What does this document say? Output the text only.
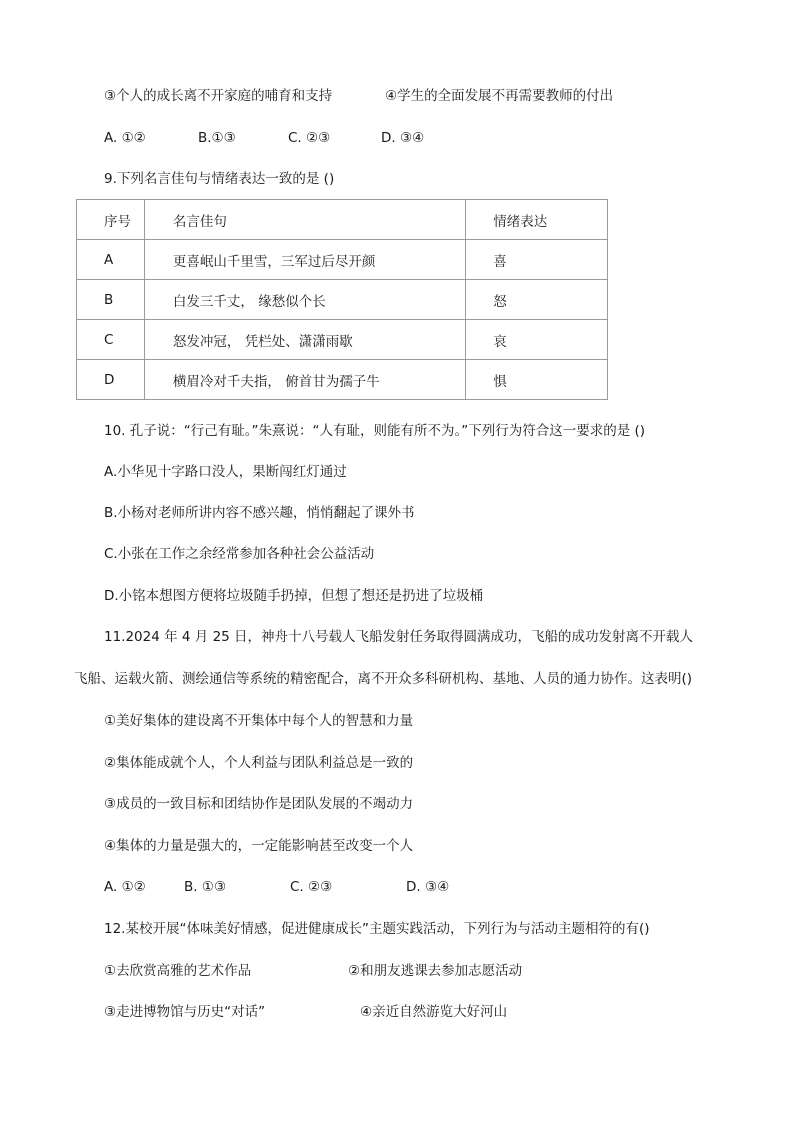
③个人的成长离不开家庭的哺育和支持	④学生的全面发展不再需要教师的付出
A. ①②	B.①③	C. ②③	D. ③④
9.下列名言佳句与情绪表达一致的是 ()
序号	名言佳句	情绪表达
A	更喜岷山千里雪，三军过后尽开颜	喜
B	白发三千丈， 缘愁似个长	怒
C	怒发冲冠， 凭栏处、潇潇雨歇	哀
D	横眉冷对千夫指， 俯首甘为孺子牛	惧
10. 孔子说：“行己有耻。”朱熹说：“人有耻，则能有所不为。”下列行为符合这一要求的是 ()
A.小华见十字路口没人，果断闯红灯通过
B.小杨对老师所讲内容不感兴趣，悄悄翻起了课外书
C.小张在工作之余经常参加各种社会公益活动
D.小铭本想图方便将垃圾随手扔掉，但想了想还是扔进了垃圾桶
11.2024 年 4 月 25 日，神舟十八号载人飞船发射任务取得圆满成功，飞船的成功发射离不开载人
飞船、运载火箭、测绘通信等系统的精密配合，离不开众多科研机构、基地、人员的通力协作。这表明()
①美好集体的建设离不开集体中每个人的智慧和力量
②集体能成就个人，个人利益与团队利益总是一致的
③成员的一致目标和团结协作是团队发展的不竭动力
④集体的力量是强大的，一定能影响甚至改变一个人
A. ①②	B. ①③	C. ②③	D. ③④
12.某校开展“体味美好情感，促进健康成长”主题实践活动，下列行为与活动主题相符的有()
①去欣赏高雅的艺术作品	②和朋友逃课去参加志愿活动
③走进博物馆与历史“对话”	④亲近自然游览大好河山
